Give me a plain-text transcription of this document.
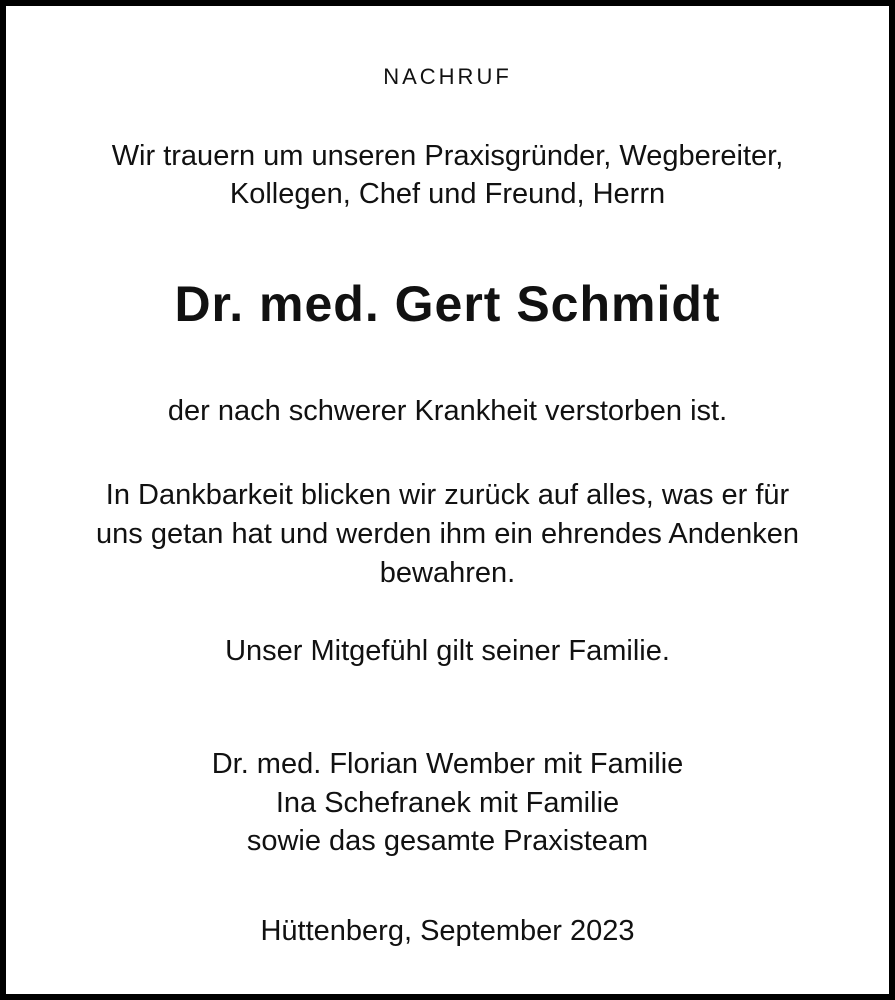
NACHRUF
Wir trauern um unseren Praxisgründer, Wegbereiter,
Kollegen, Chef und Freund, Herrn
Dr. med. Gert Schmidt
der nach schwerer Krankheit verstorben ist.
In Dankbarkeit blicken wir zurück auf alles, was er für
uns getan hat und werden ihm ein ehrendes Andenken
bewahren.
Unser Mitgefühl gilt seiner Familie.
Dr. med. Florian Wember mit Familie
Ina Schefranek mit Familie
sowie das gesamte Praxisteam
Hüttenberg, September 2023
